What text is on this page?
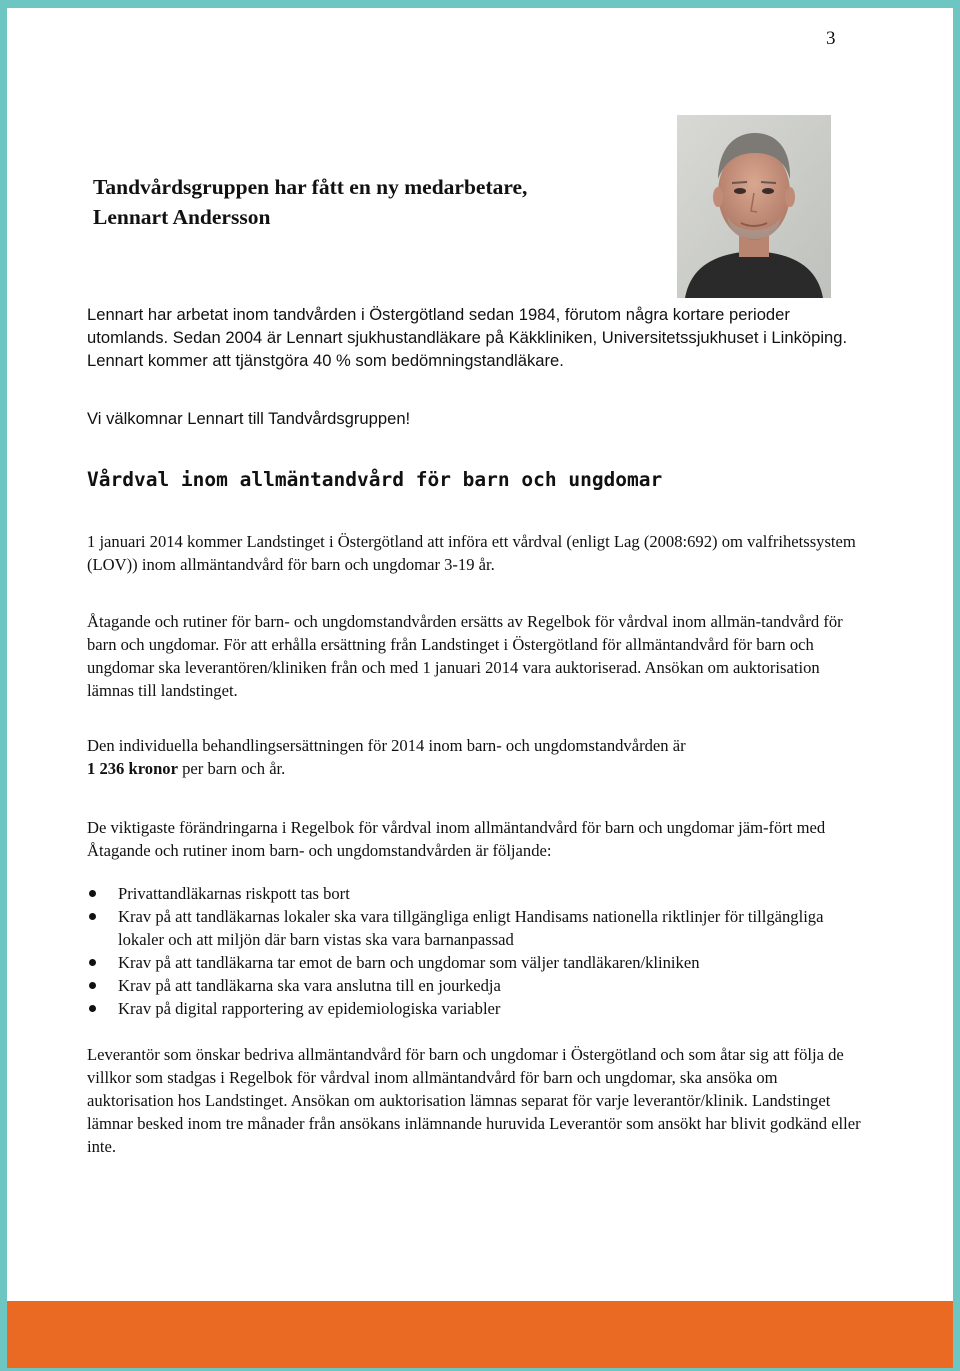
3
Tandvårdsgruppen har fått en ny medarbetare,
Lennart Andersson
Lennart har arbetat inom tandvården i Östergötland sedan 1984, förutom några kortare perioder utomlands. Sedan 2004 är Lennart sjukhustandläkare på Käkkliniken, Universitetssjukhuset i Linköping. Lennart kommer att tjänstgöra 40 % som bedömningstandläkare.
Vi välkomnar Lennart till Tandvårdsgruppen!
Vårdval inom allmäntandvård för barn och ungdomar
1 januari 2014 kommer Landstinget i Östergötland att införa ett vårdval (enligt Lag (2008:692) om valfrihetssystem (LOV)) inom allmäntandvård för barn och ungdomar 3-19 år.
Åtagande och rutiner för barn- och ungdomstandvården ersätts av Regelbok för vårdval inom allmän-tandvård för barn och ungdomar. För att erhålla ersättning från Landstinget i Östergötland för allmäntandvård för barn och ungdomar ska leverantören/kliniken från och med 1 januari 2014 vara auktoriserad. Ansökan om auktorisation lämnas till landstinget.
Den individuella behandlingsersättningen för 2014 inom barn- och ungdomstandvården är
1 236 kronor per barn och år.
De viktigaste förändringarna i Regelbok för vårdval inom allmäntandvård för barn och ungdomar jäm-fört med Åtagande och rutiner inom barn- och ungdomstandvården är följande:
Privattandläkarnas riskpott tas bort
Krav på att tandläkarnas lokaler ska vara tillgängliga enligt Handisams nationella riktlinjer för tillgängliga lokaler och att miljön där barn vistas ska vara barnanpassad
Krav på att tandläkarna tar emot de barn och ungdomar som väljer tandläkaren/kliniken
Krav på att tandläkarna ska vara anslutna till en jourkedja
Krav på digital rapportering av epidemiologiska variabler
Leverantör som önskar bedriva allmäntandvård för barn och ungdomar i Östergötland och som åtar sig att följa de villkor som stadgas i Regelbok för vårdval inom allmäntandvård för barn och ungdomar, ska ansöka om auktorisation hos Landstinget. Ansökan om auktorisation lämnas separat för varje leverantör/klinik. Landstinget lämnar besked inom tre månader från ansökans inlämnande huruvida Leverantör som ansökt har blivit godkänd eller inte.
